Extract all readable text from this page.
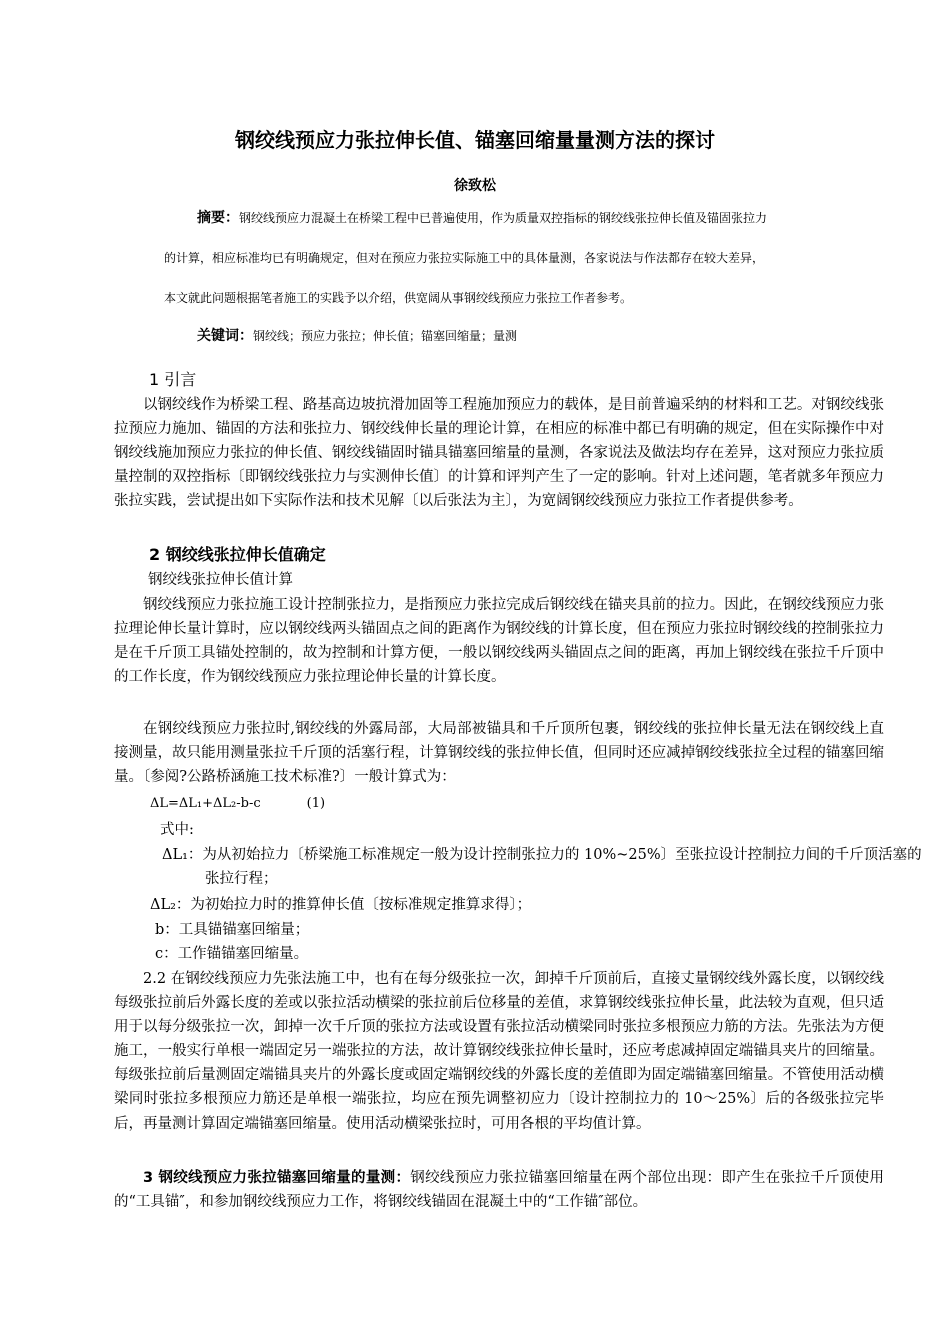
钢绞线预应力张拉伸长值、锚塞回缩量量测方法的探讨
徐致松
摘要：钢绞线预应力混凝土在桥梁工程中已普遍使用，作为质量双控指标的钢绞线张拉伸长值及锚固张拉力
的计算，相应标准均已有明确规定，但对在预应力张拉实际施工中的具体量测，各家说法与作法都存在较大差异，
本文就此问题根据笔者施工的实践予以介绍，供宽阔从事钢绞线预应力张拉工作者参考。
关键词：钢绞线；预应力张拉；伸长值；锚塞回缩量；量测
1 引言
以钢绞线作为桥梁工程、路基高边坡抗滑加固等工程施加预应力的载体，是目前普遍采纳的材料和工艺。对钢绞线张拉预应力施加、锚固的方法和张拉力、钢绞线伸长量的理论计算，在相应的标准中都已有明确的规定，但在实际操作中对钢绞线施加预应力张拉的伸长值、钢绞线锚固时锚具锚塞回缩量的量测，各家说法及做法均存在差异，这对预应力张拉质量控制的双控指标〔即钢绞线张拉力与实测伸长值〕的计算和评判产生了一定的影响。针对上述问题，笔者就多年预应力张拉实践，尝试提出如下实际作法和技术见解〔以后张法为主〕，为宽阔钢绞线预应力张拉工作者提供参考。
2 钢绞线张拉伸长值确定
钢绞线张拉伸长值计算
钢绞线预应力张拉施工设计控制张拉力，是指预应力张拉完成后钢绞线在锚夹具前的拉力。因此，在钢绞线预应力张拉理论伸长量计算时，应以钢绞线两头锚固点之间的距离作为钢绞线的计算长度，但在预应力张拉时钢绞线的控制张拉力是在千斤顶工具锚处控制的，故为控制和计算方便，一般以钢绞线两头锚固点之间的距离，再加上钢绞线在张拉千斤顶中的工作长度，作为钢绞线预应力张拉理论伸长量的计算长度。
在钢绞线预应力张拉时,钢绞线的外露局部，大局部被锚具和千斤顶所包裹，钢绞线的张拉伸长量无法在钢绞线上直接测量，故只能用测量张拉千斤顶的活塞行程，计算钢绞线的张拉伸长值，但同时还应减掉钢绞线张拉全过程的锚塞回缩量。〔参阅?公路桥涵施工技术标准?〕一般计算式为：
ΔL=ΔL₁+ΔL₂-b-c	(1)
式中:
ΔL₁：为从初始拉力〔桥梁施工标准规定一般为设计控制张拉力的 10%~25%〕至张拉设计控制拉力间的千斤顶活塞的张拉行程；
ΔL₂：为初始拉力时的推算伸长值〔按标准规定推算求得〕；
b：工具锚锚塞回缩量；
c：工作锚锚塞回缩量。
2.2 在钢绞线预应力先张法施工中，也有在每分级张拉一次，卸掉千斤顶前后，直接丈量钢绞线外露长度，以钢绞线每级张拉前后外露长度的差或以张拉活动横梁的张拉前后位移量的差值，求算钢绞线张拉伸长量，此法较为直观，但只适用于以每分级张拉一次，卸掉一次千斤顶的张拉方法或设置有张拉活动横梁同时张拉多根预应力筋的方法。先张法为方便施工，一般实行单根一端固定另一端张拉的方法，故计算钢绞线张拉伸长量时，还应考虑减掉固定端锚具夹片的回缩量。每级张拉前后量测固定端锚具夹片的外露长度或固定端钢绞线的外露长度的差值即为固定端锚塞回缩量。不管使用活动横梁同时张拉多根预应力筋还是单根一端张拉，均应在预先调整初应力〔设计控制拉力的 10～25%〕后的各级张拉完毕后，再量测计算固定端锚塞回缩量。使用活动横梁张拉时，可用各根的平均值计算。
3 钢绞线预应力张拉锚塞回缩量的量测：钢绞线预应力张拉锚塞回缩量在两个部位出现：即产生在张拉千斤顶使用的“工具锚″，和参加钢绞线预应力工作，将钢绞线锚固在混凝土中的“工作锚″部位。
